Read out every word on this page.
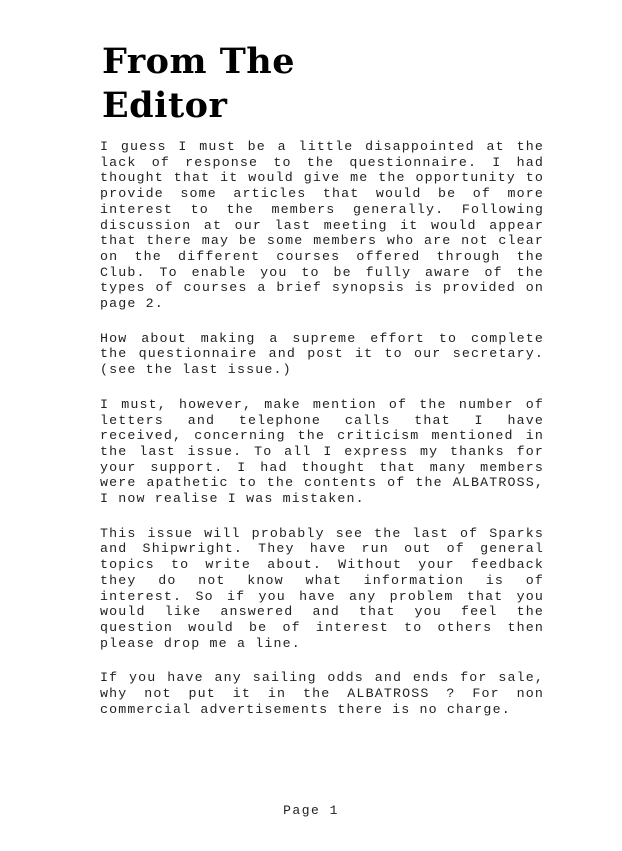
From The
Editor

I guess I must be a little disappointed at the lack of response to the questionnaire. I had thought that it would give me the opportunity to provide some articles that would be of more interest to the members generally. Following discussion at our last meeting it would appear that there may be some members who are not clear on the different courses offered through the Club. To enable you to be fully aware of the types of courses a brief synopsis is provided on page 2.

How about making a supreme effort to complete the questionnaire and post it to our secretary. (see the last issue.)

I must, however, make mention of the number of letters and telephone calls that I have received, concerning the criticism mentioned in the last issue. To all I express my thanks for your support. I had thought that many members were apathetic to the contents of the ALBATROSS, I now realise I was mistaken.

This issue will probably see the last of Sparks and Shipwright. They have run out of general topics to write about. Without your feedback they do not know what information is of interest. So if you have any problem that you would like answered and that you feel the question would be of interest to others then please drop me a line.

If you have any sailing odds and ends for sale, why not put it in the ALBATROSS ? For non commercial advertisements there is no charge.

Page 1
